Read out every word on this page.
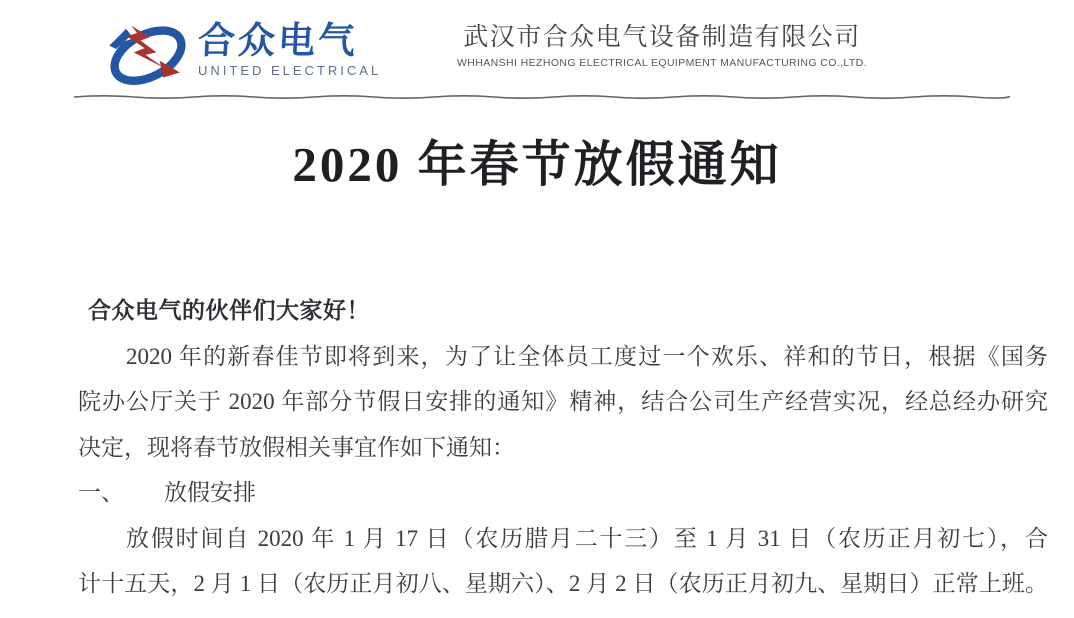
合众电气
UNITED ELECTRICAL
武汉市合众电气设备制造有限公司
WHHANSHI HEZHONG ELECTRICAL EQUIPMENT MANUFACTURING CO.,LTD.
2020 年春节放假通知
合众电气的伙伴们大家好！
2020 年的新春佳节即将到来，为了让全体员工度过一个欢乐、祥和的节日，根据《国务
院办公厅关于 2020 年部分节假日安排的通知》精神，结合公司生产经营实况，经总经办研究
决定，现将春节放假相关事宜作如下通知：
一、 放假安排
放假时间自 2020 年 1 月 17 日（农历腊月二十三）至 1 月 31 日（农历正月初七），合
计十五天，2 月 1 日（农历正月初八、星期六）、2 月 2 日（农历正月初九、星期日）正常上班。
